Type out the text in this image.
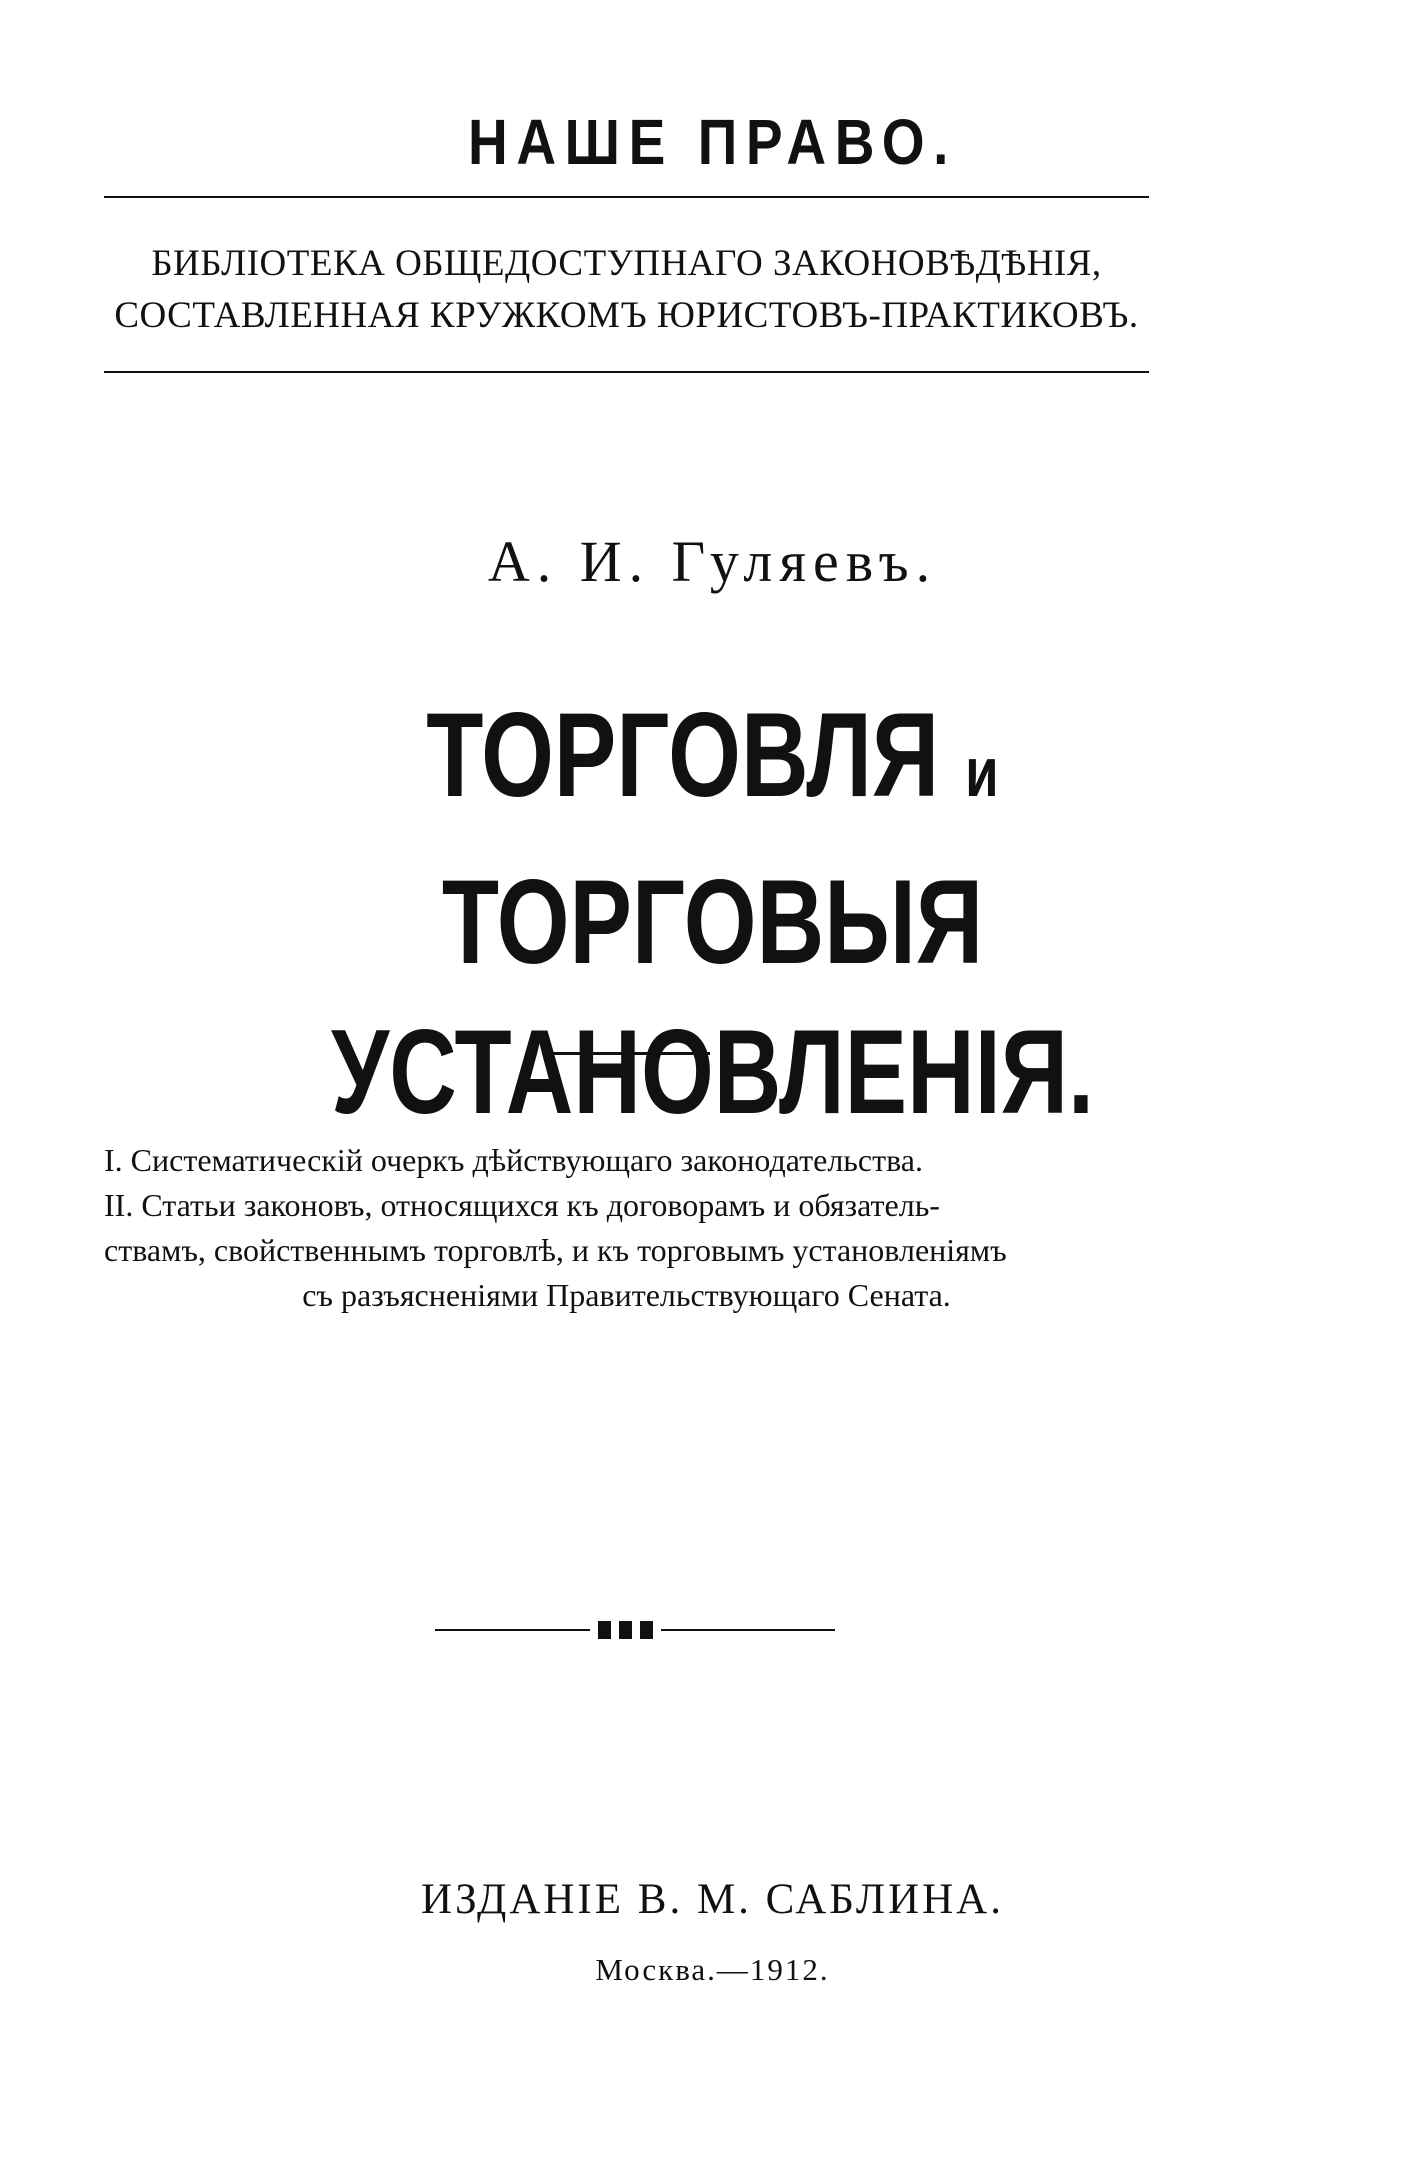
НАШЕ ПРАВО.
БИБЛІОТЕКА ОБЩЕДОСТУПНАГО ЗАКОНОВѢДѢНІЯ,
СОСТАВЛЕННАЯ КРУЖКОМЪ ЮРИСТОВЪ-ПРАКТИКОВЪ.
А. И. Гуляевъ.
ТОРГОВЛЯ и ТОРГОВЫЯ
УСТАНОВЛЕНІЯ.

I. Систематическій очеркъ дѣйствующаго законодательства.

II. Статьи законовъ, относящихся къ договорамъ и обязатель-

ствамъ, свойственнымъ торговлѣ, и къ торговымъ установленіямъ

съ разъясненіями Правительствующаго Сената.

ИЗДАНІЕ В. М. САБЛИНА.
Москва.—1912.
